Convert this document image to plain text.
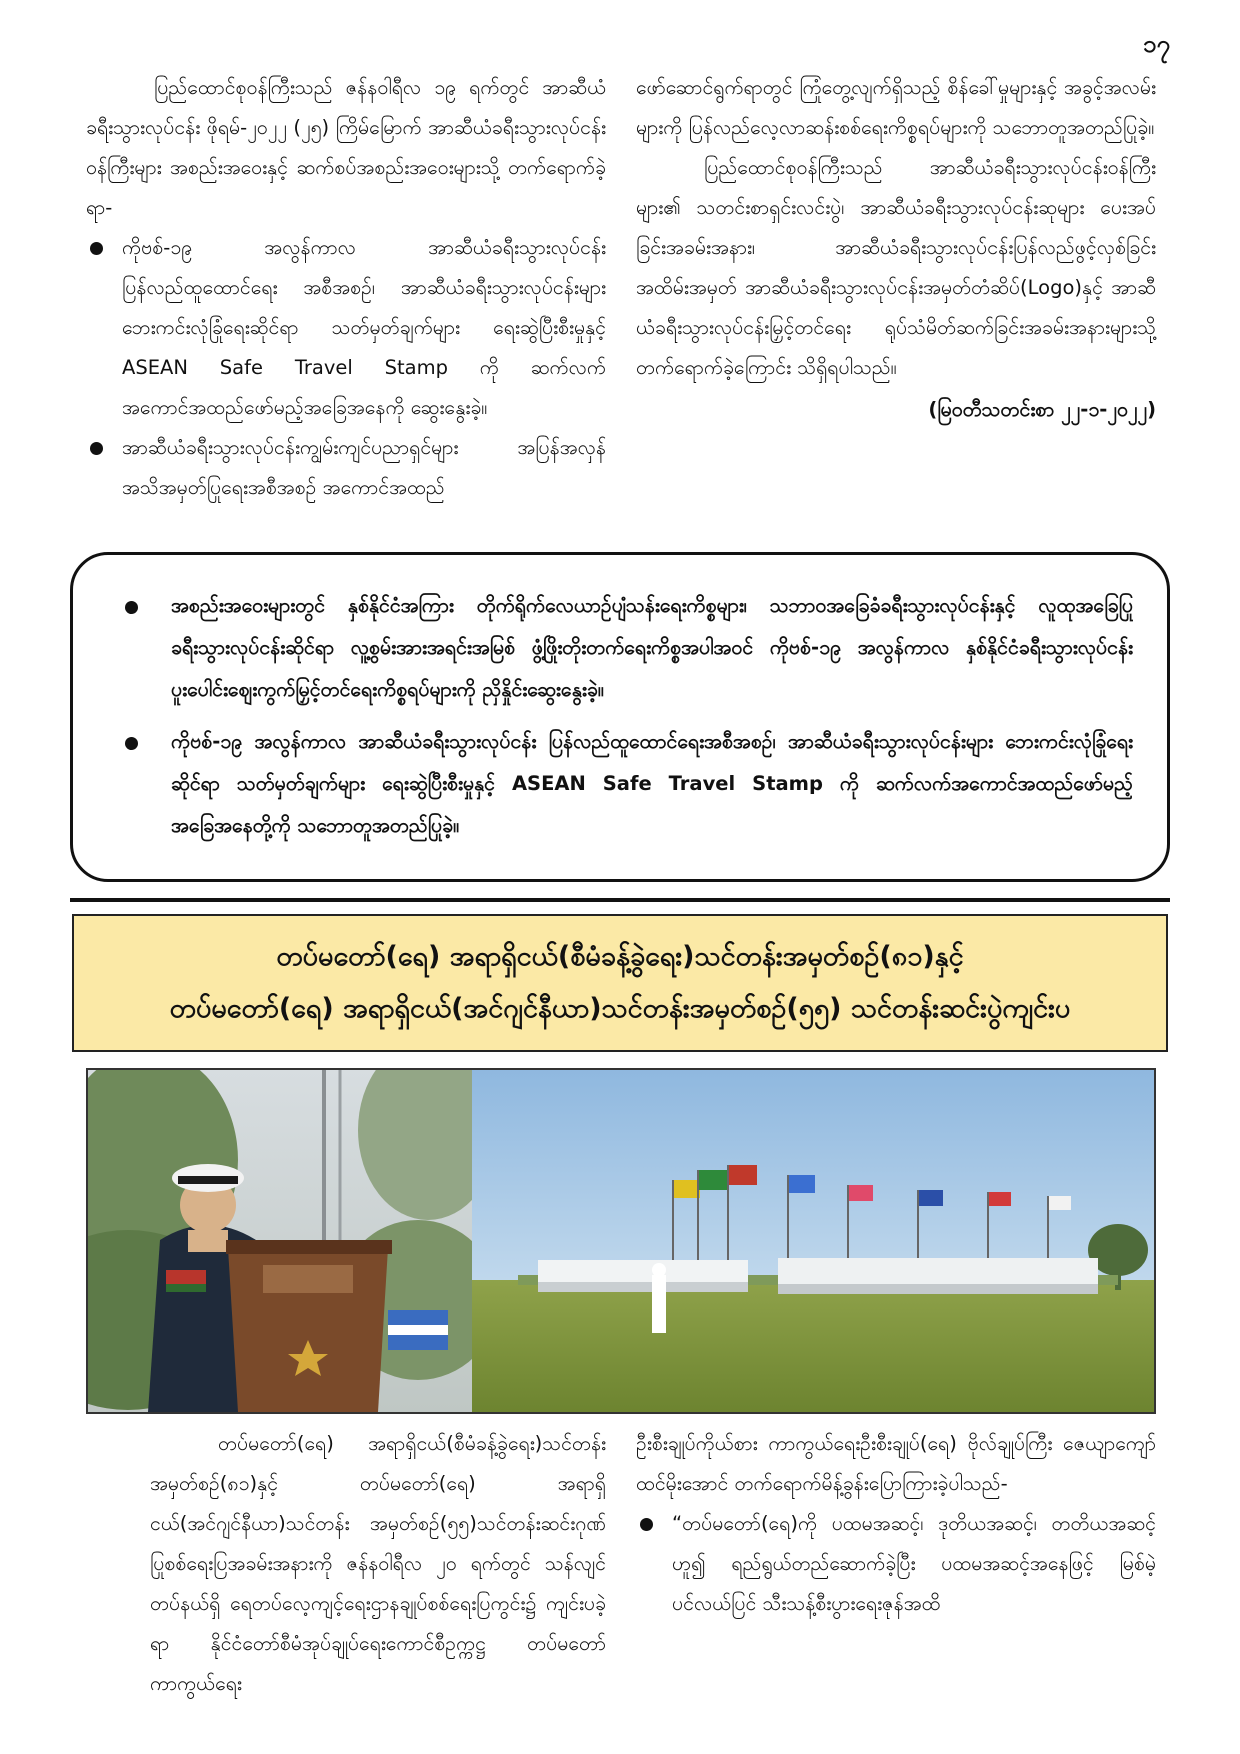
၁၇

ပြည်ထောင်စုဝန်ကြီးသည် ဇန်နဝါရီလ ၁၉ ရက်တွင် အာဆီယံခရီးသွားလုပ်ငန်း ဖိုရမ်-၂၀၂၂ (၂၅) ကြိမ်မြောက် အာဆီယံခရီးသွားလုပ်ငန်းဝန်ကြီးများ အစည်းအဝေးနှင့် ဆက်စပ်အစည်းအဝေးများသို့ တက်ရောက်ခဲ့ရာ-

ကိုဗစ်-၁၉ အလွန်ကာလ အာဆီယံခရီးသွားလုပ်ငန်း ပြန်လည်ထူထောင်ရေး အစီအစဉ်၊ အာဆီယံခရီးသွားလုပ်ငန်းများ ဘေးကင်းလုံခြုံရေးဆိုင်ရာ သတ်မှတ်ချက်များ ရေးဆွဲပြီးစီးမှုနှင့် ASEAN Safe Travel Stamp ကို ဆက်လက်အကောင်အထည်ဖော်မည့်အခြေအနေကို ဆွေးနွေးခဲ့။
အာဆီယံခရီးသွားလုပ်ငန်းကျွမ်းကျင်ပညာရှင်များ အပြန်အလှန် အသိအမှတ်ပြုရေးအစီအစဉ် အကောင်အထည်

ဖော်ဆောင်ရွက်ရာတွင် ကြုံတွေ့လျက်ရှိသည့် စိန်ခေါ်မှုများနှင့် အခွင့်အလမ်းများကို ပြန်လည်လေ့လာဆန်းစစ်ရေးကိစ္စရပ်များကို သဘောတူအတည်ပြုခဲ့။

ပြည်ထောင်စုဝန်ကြီးသည် အာဆီယံခရီးသွားလုပ်ငန်းဝန်ကြီးများ၏ သတင်းစာရှင်းလင်းပွဲ၊ အာဆီယံခရီးသွားလုပ်ငန်းဆုများ ပေးအပ်ခြင်းအခမ်းအနား၊ အာဆီယံခရီးသွားလုပ်ငန်းပြန်လည်ဖွင့်လှစ်ခြင်းအထိမ်းအမှတ် အာဆီယံခရီးသွားလုပ်ငန်းအမှတ်တံဆိပ်(Logo)နှင့် အာဆီယံခရီးသွားလုပ်ငန်းမြှင့်တင်ရေး ရုပ်သံမိတ်ဆက်ခြင်းအခမ်းအနားများသို့ တက်ရောက်ခဲ့ကြောင်း သိရှိရပါသည်။

(မြဝတီသတင်းစာ ၂၂-၁-၂၀၂၂)

အစည်းအဝေးများတွင် နှစ်နိုင်ငံအကြား တိုက်ရိုက်လေယာဉ်ပျံသန်းရေးကိစ္စများ၊ သဘာဝအခြေခံခရီးသွားလုပ်ငန်းနှင့် လူထုအခြေပြု ခရီးသွားလုပ်ငန်းဆိုင်ရာ လူ့စွမ်းအားအရင်းအမြစ် ဖွံ့ဖြိုးတိုးတက်ရေးကိစ္စအပါအဝင် ကိုဗစ်-၁၉ အလွန်ကာလ နှစ်နိုင်ငံခရီးသွားလုပ်ငန်း ပူးပေါင်းဈေးကွက်မြှင့်တင်ရေးကိစ္စရပ်များကို ညှိနှိုင်းဆွေးနွေးခဲ့။
ကိုဗစ်-၁၉ အလွန်ကာလ အာဆီယံခရီးသွားလုပ်ငန်း ပြန်လည်ထူထောင်ရေးအစီအစဉ်၊ အာဆီယံခရီးသွားလုပ်ငန်းများ ဘေးကင်းလုံခြုံရေးဆိုင်ရာ သတ်မှတ်ချက်များ ရေးဆွဲပြီးစီးမှုနှင့် ASEAN Safe Travel Stamp ကို ဆက်လက်အကောင်အထည်ဖော်မည့်အခြေအနေတို့ကို သဘောတူအတည်ပြုခဲ့။
တပ်မတော်(ရေ) အရာရှိငယ်(စီမံခန့်ခွဲရေး)သင်တန်းအမှတ်စဉ်(၈၁)နှင့်
တပ်မတော်(ရေ) အရာရှိငယ်(အင်ဂျင်နီယာ)သင်တန်းအမှတ်စဉ်(၅၅) သင်တန်းဆင်းပွဲကျင်းပ

တပ်မတော်(ရေ) အရာရှိငယ်(စီမံခန့်ခွဲရေး)သင်တန်းအမှတ်စဉ်(၈၁)နှင့် တပ်မတော်(ရေ) အရာရှိငယ်(အင်ဂျင်နီယာ)သင်တန်း အမှတ်စဉ်(၅၅)သင်တန်းဆင်းဂုဏ်ပြုစစ်ရေးပြအခမ်းအနားကို ဇန်နဝါရီလ ၂၀ ရက်တွင် သန်လျင်တပ်နယ်ရှိ ရေတပ်လေ့ကျင့်ရေးဌာနချုပ်စစ်ရေးပြကွင်း၌ ကျင်းပခဲ့ရာ နိုင်ငံတော်စီမံအုပ်ချုပ်ရေးကောင်စီဥက္ကဋ္ဌ တပ်မတော်ကာကွယ်ရေး

ဦးစီးချုပ်ကိုယ်စား ကာကွယ်ရေးဦးစီးချုပ်(ရေ) ဗိုလ်ချုပ်ကြီး ဇေယျာကျော်ထင်မိုးအောင် တက်ရောက်မိန့်ခွန်းပြောကြားခဲ့ပါသည်-

“တပ်မတော်(ရေ)ကို ပထမအဆင့်၊ ဒုတိယအဆင့်၊ တတိယအဆင့်ဟူ၍ ရည်ရွယ်တည်ဆောက်ခဲ့ပြီး ပထမအဆင့်အနေဖြင့် မြစ်မဲ့ပင်လယ်ပြင် သီးသန့်စီးပွားရေးဇုန်အထိ
